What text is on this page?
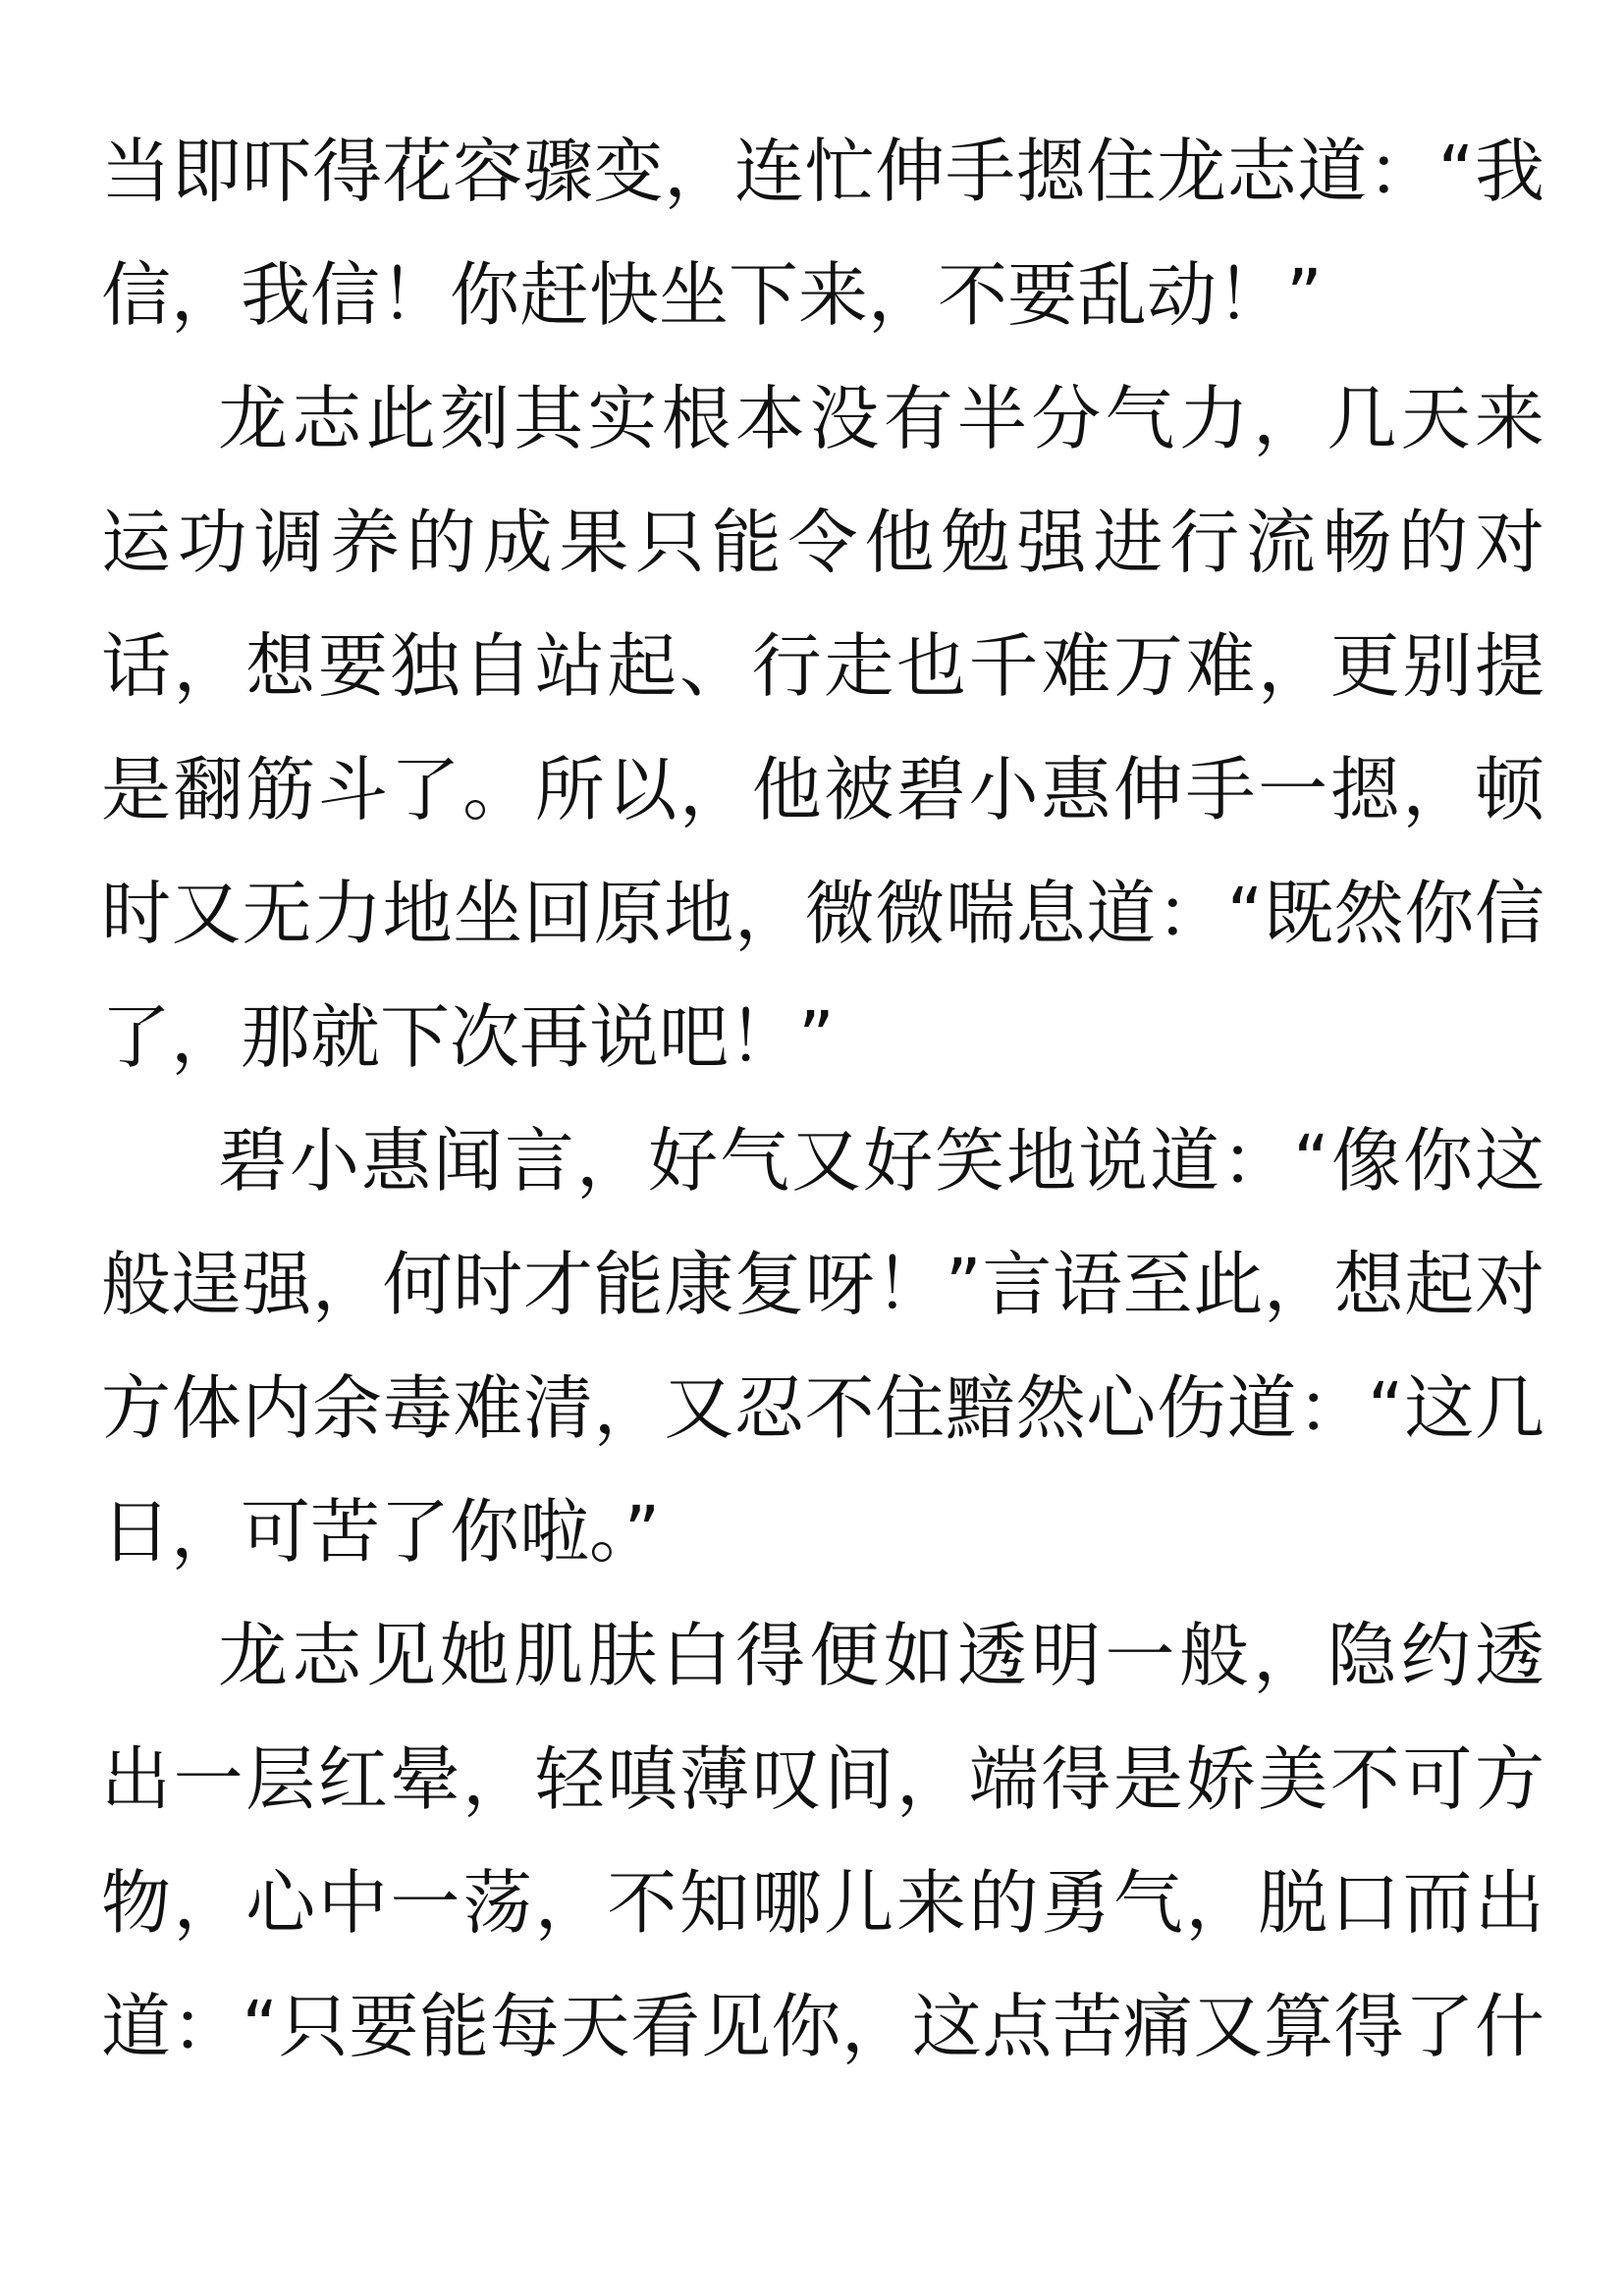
当即吓得花容骤变，连忙伸手摁住龙志道：“我
信，我信！你赶快坐下来，不要乱动！”
龙志此刻其实根本没有半分气力，几天来
运功调养的成果只能令他勉强进行流畅的对
话，想要独自站起、行走也千难万难，更别提
是翻筋斗了。所以，他被碧小惠伸手一摁，顿
时又无力地坐回原地，微微喘息道：“既然你信
了，那就下次再说吧！”
碧小惠闻言，好气又好笑地说道：“像你这
般逞强，何时才能康复呀！”言语至此，想起对
方体内余毒难清，又忍不住黯然心伤道：“这几
日，可苦了你啦。”
龙志见她肌肤白得便如透明一般，隐约透
出一层红晕，轻嗔薄叹间，端得是娇美不可方
物，心中一荡，不知哪儿来的勇气，脱口而出
道：“只要能每天看见你，这点苦痛又算得了什
